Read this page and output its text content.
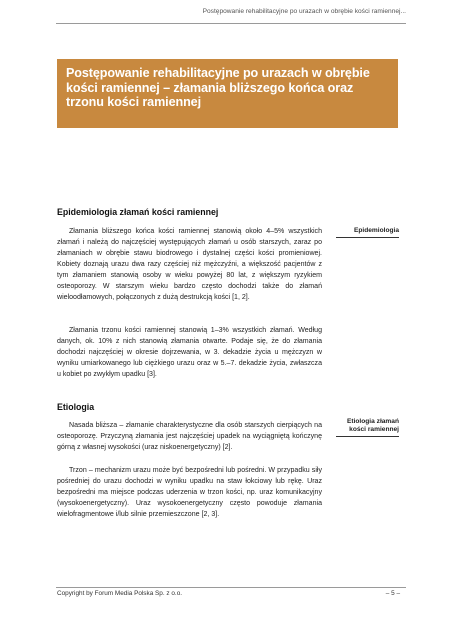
Postępowanie rehabilitacyjne po urazach w obrębie kości ramiennej...
Postępowanie rehabilitacyjne po urazach w obrębie kości ramiennej – złamania bliższego końca oraz trzonu kości ramiennej
Epidemiologia złamań kości ramiennej
Epidemiologia

Złamania bliższego końca kości ramiennej stanowią około 4–5% wszystkich złamań i należą do najczęściej występujących złamań u osób starszych, zaraz po złamaniach w obrębie stawu biodrowego i dystalnej części kości promieniowej. Kobiety doznają urazu dwa razy częściej niż mężczyźni, a większość pacjentów z tym złamaniem stanowią osoby w wieku powyżej 80 lat, z większym ryzykiem osteoporozy. W starszym wieku bardzo często dochodzi także do złamań wieloodłamowych, połączonych z dużą destrukcją kości [1, 2].

Złamania trzonu kości ramiennej stanowią 1–3% wszystkich złamań. Według danych, ok. 10% z nich stanowią złamania otwarte. Podaje się, że do złamania dochodzi najczęściej w okresie dojrzewania, w 3. dekadzie życia u mężczyzn w wyniku umiarkowanego lub ciężkiego urazu oraz w 5.–7. dekadzie życia, zwłaszcza u kobiet po zwykłym upadku [3].

Etiologia
Etiologia złamań kości ramiennej

Nasada bliższa – złamanie charakterystyczne dla osób starszych cierpiących na osteoporozę. Przyczyną złamania jest najczęściej upadek na wyciągniętą kończynę górną z własnej wysokości (uraz niskoenergetyczny) [2].

Trzon – mechanizm urazu może być bezpośredni lub pośredni. W przypadku siły pośredniej do urazu dochodzi w wyniku upadku na staw łokciowy lub rękę. Uraz bezpośredni ma miejsce podczas uderzenia w trzon kości, np. uraz komunikacyjny (wysokoenergetyczny). Uraz wysokoenergetyczny często powoduje złamania wielofragmentowe i/lub silnie przemieszczone [2, 3].

Copyright by Forum Media Polska Sp. z o.o.	– 5 –
